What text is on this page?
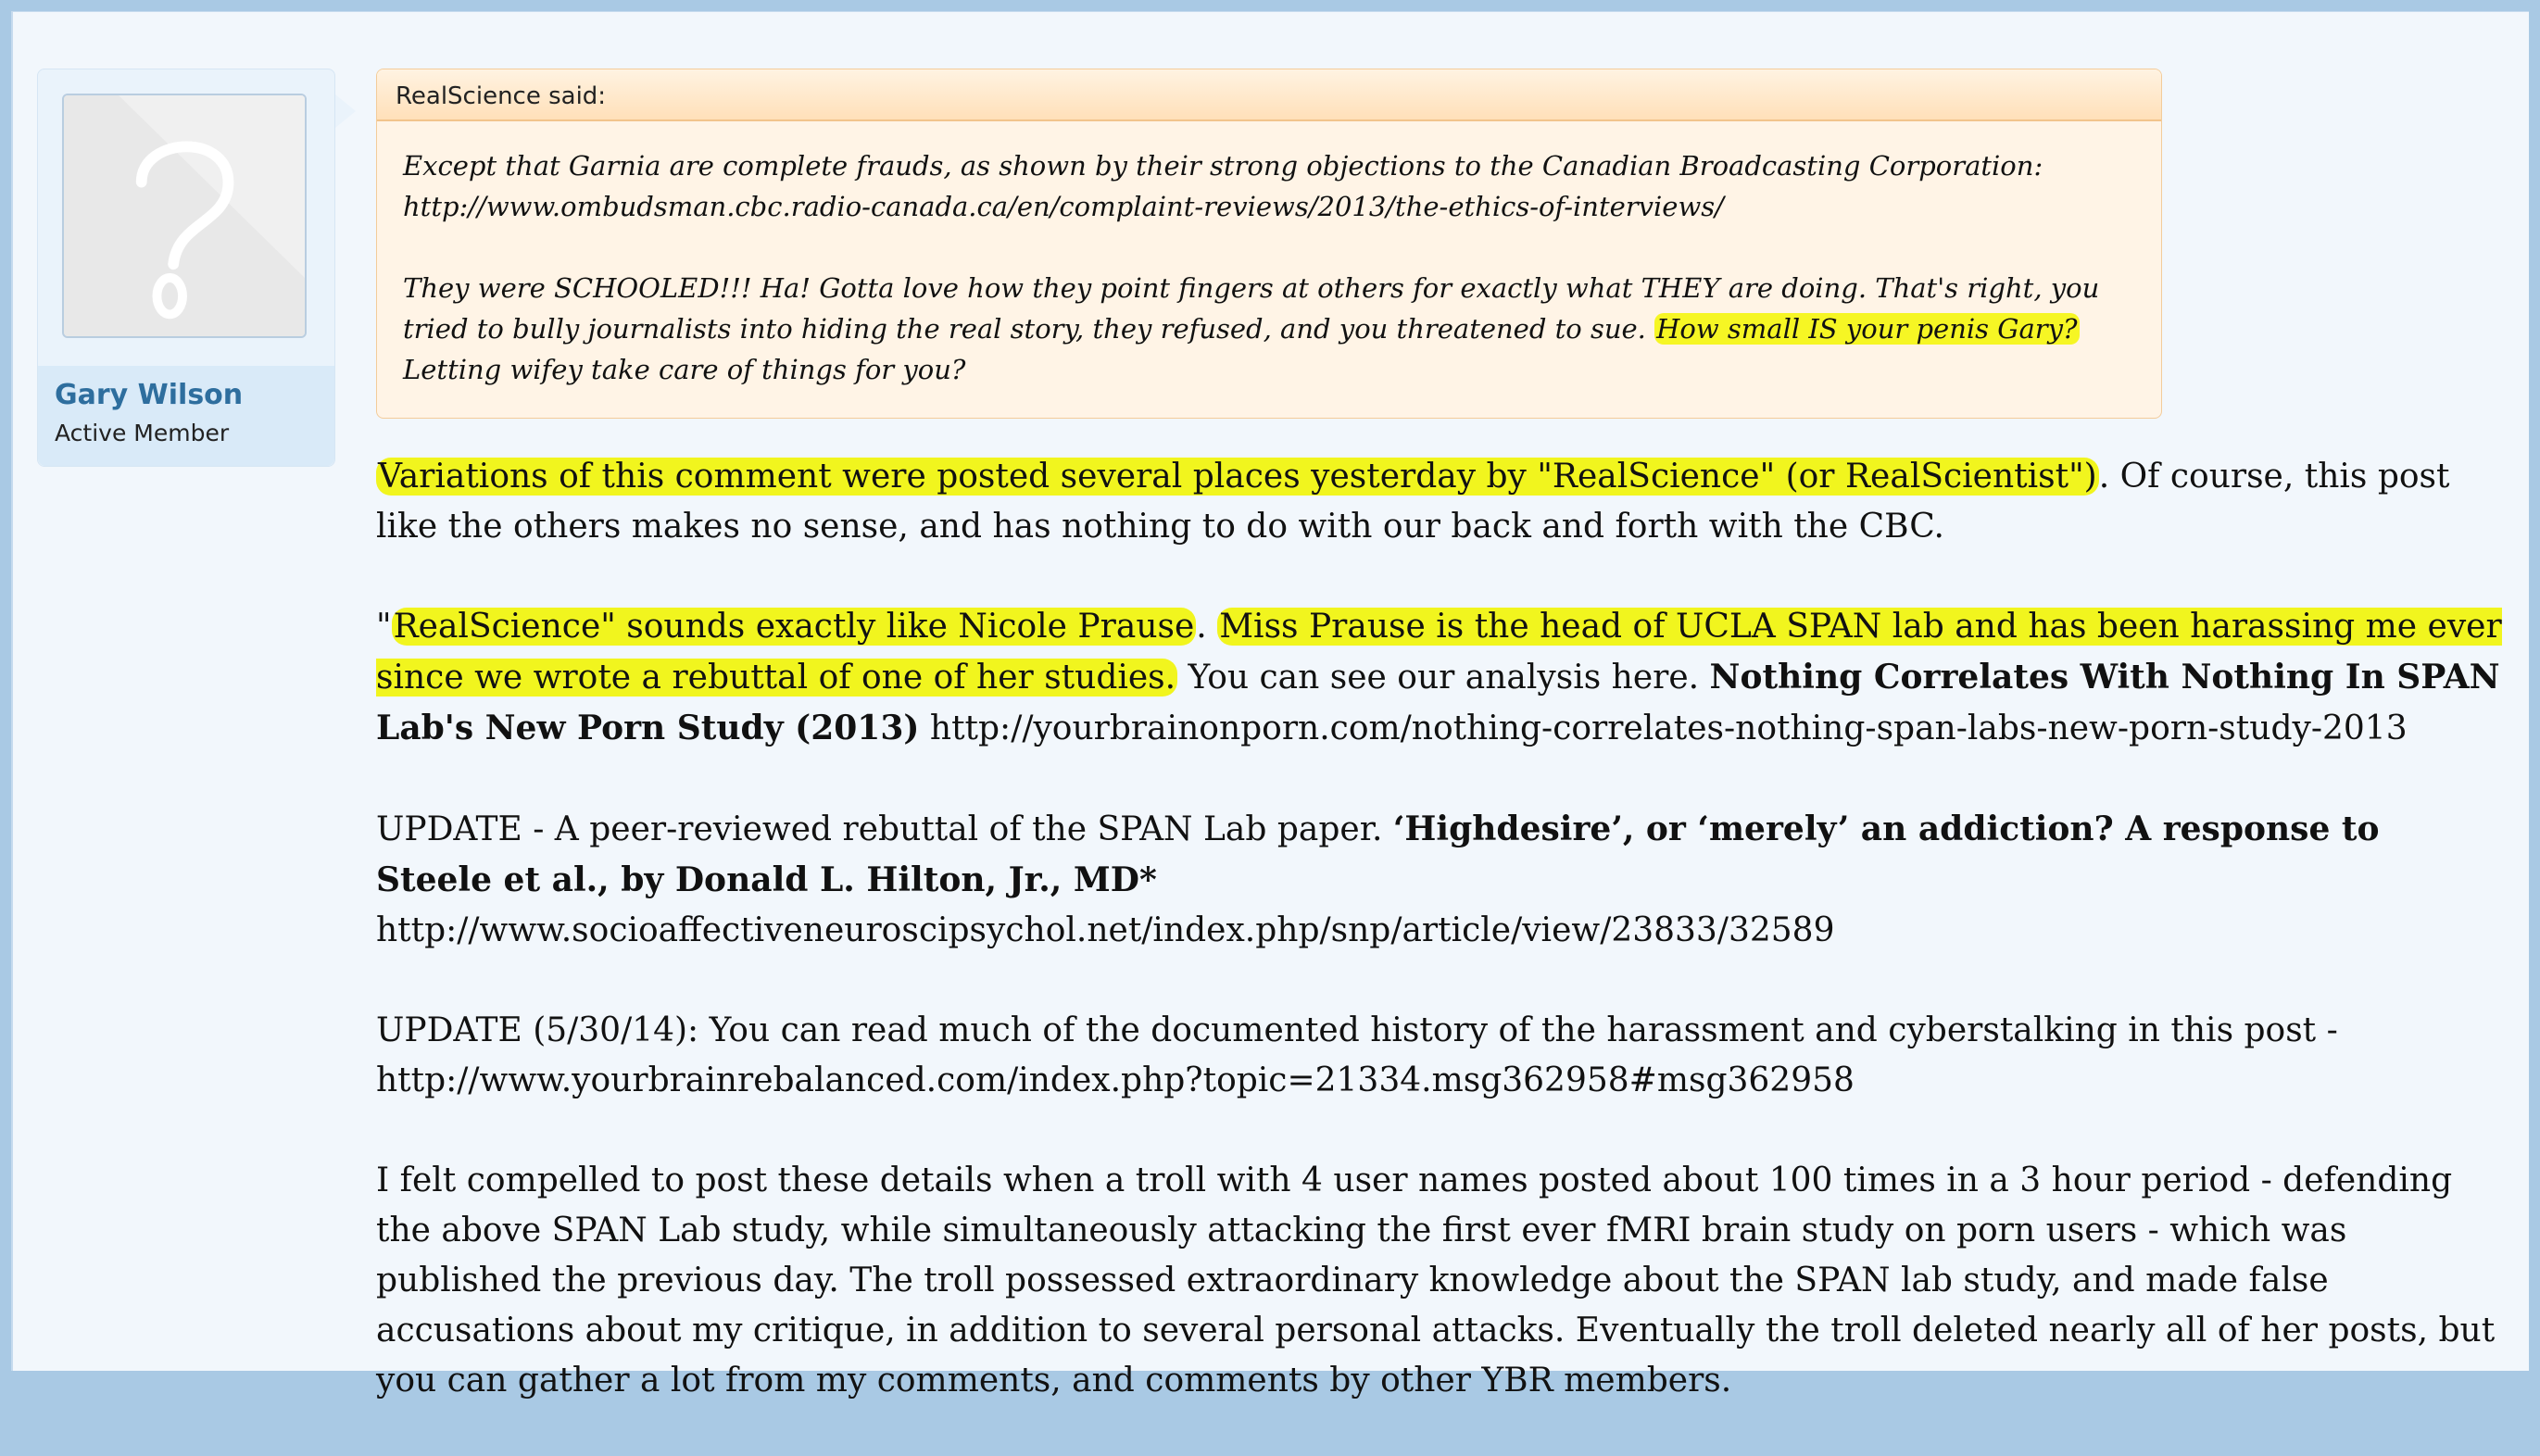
Gary Wilson
Active Member
RealScience said:

Except that Garnia are complete frauds, as shown by their strong objections to the Canadian Broadcasting Corporation:
http://www.ombudsman.cbc.radio-canada.ca/en/complaint-reviews/2013/the-ethics-of-interviews/

They were SCHOOLED!!! Ha! Gotta love how they point fingers at others for exactly what THEY are doing. That's right, you tried to bully journalists into hiding the real story, they refused, and you threatened to sue. How small IS your penis Gary? Letting wifey take care of things for you?

Variations of this comment were posted several places yesterday by "RealScience" (or RealScientist"). Of course, this post like the others makes no sense, and has nothing to do with our back and forth with the CBC.

"RealScience" sounds exactly like Nicole Prause. Miss Prause is the head of UCLA SPAN lab and has been harassing me ever since we wrote a rebuttal of one of her studies. You can see our analysis here. Nothing Correlates With Nothing In SPAN Lab's New Porn Study (2013) http://yourbrainonporn.com/nothing-correlates-nothing-span-labs-new-porn-study-2013

UPDATE - A peer-reviewed rebuttal of the SPAN Lab paper. ‘Highdesire’, or ‘merely’ an addiction? A response to Steele et al., by Donald L. Hilton, Jr., MD* http://www.socioaffectiveneuroscipsychol.net/index.php/snp/article/view/23833/32589

UPDATE (5/30/14): You can read much of the documented history of the harassment and cyberstalking in this post -
http://www.yourbrainrebalanced.com/index.php?topic=21334.msg362958#msg362958

I felt compelled to post these details when a troll with 4 user names posted about 100 times in a 3 hour period - defending the above SPAN Lab study, while simultaneously attacking the first ever fMRI brain study on porn users - which was published the previous day. The troll possessed extraordinary knowledge about the SPAN lab study, and made false accusations about my critique, in addition to several personal attacks. Eventually the troll deleted nearly all of her posts, but you can gather a lot from my comments, and comments by other YBR members.
